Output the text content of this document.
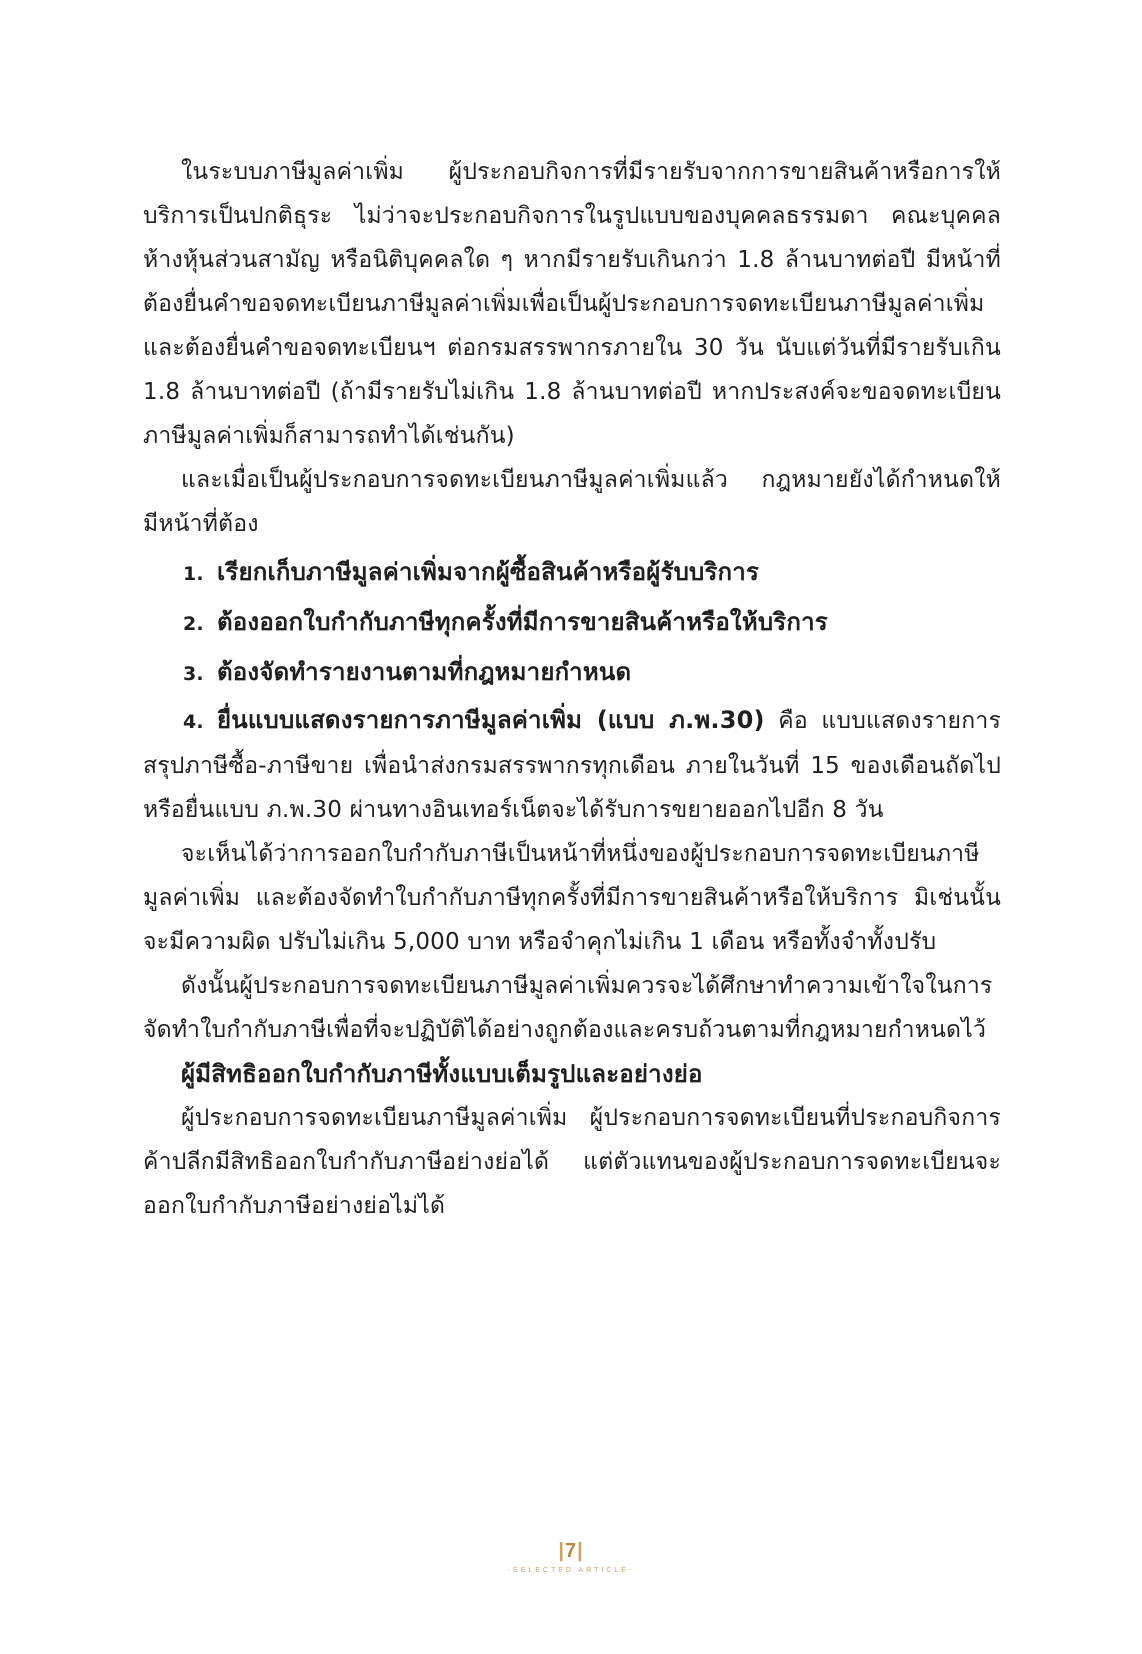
ในระบบภาษีมูลค่าเพิ่ม ผู้ประกอบกิจการที่มีรายรับจากการขายสินค้าหรือการให้บริการเป็นปกติธุระ ไม่ว่าจะประกอบกิจการในรูปแบบของบุคคลธรรมดา คณะบุคคล ห้างหุ้นส่วนสามัญ หรือนิติบุคคลใด ๆ หากมีรายรับเกินกว่า 1.8 ล้านบาทต่อปี มีหน้าที่ต้องยื่นคำขอจดทะเบียนภาษีมูลค่าเพิ่มเพื่อเป็นผู้ประกอบการจดทะเบียนภาษีมูลค่าเพิ่ม และต้องยื่นคำขอจดทะเบียนฯ ต่อกรมสรรพากรภายใน 30 วัน นับแต่วันที่มีรายรับเกิน 1.8 ล้านบาทต่อปี (ถ้ามีรายรับไม่เกิน 1.8 ล้านบาทต่อปี หากประสงค์จะขอจดทะเบียนภาษีมูลค่าเพิ่มก็สามารถทำได้เช่นกัน)

และเมื่อเป็นผู้ประกอบการจดทะเบียนภาษีมูลค่าเพิ่มแล้ว กฎหมายยังได้กำหนดให้มีหน้าที่ต้อง

1. เรียกเก็บภาษีมูลค่าเพิ่มจากผู้ซื้อสินค้าหรือผู้รับบริการ
2. ต้องออกใบกำกับภาษีทุกครั้งที่มีการขายสินค้าหรือให้บริการ
3. ต้องจัดทำรายงานตามที่กฎหมายกำหนด

4. ยื่นแบบแสดงรายการภาษีมูลค่าเพิ่ม (แบบ ภ.พ.30) คือ แบบแสดงรายการสรุปภาษีซื้อ-ภาษีขาย เพื่อนำส่งกรมสรรพากรทุกเดือน ภายในวันที่ 15 ของเดือนถัดไป หรือยื่นแบบ ภ.พ.30 ผ่านทางอินเทอร์เน็ตจะได้รับการขยายออกไปอีก 8 วัน

จะเห็นได้ว่าการออกใบกำกับภาษีเป็นหน้าที่หนึ่งของผู้ประกอบการจดทะเบียนภาษีมูลค่าเพิ่ม และต้องจัดทำใบกำกับภาษีทุกครั้งที่มีการขายสินค้าหรือให้บริการ มิเช่นนั้นจะมีความผิด ปรับไม่เกิน 5,000 บาท หรือจำคุกไม่เกิน 1 เดือน หรือทั้งจำทั้งปรับ

ดังนั้นผู้ประกอบการจดทะเบียนภาษีมูลค่าเพิ่มควรจะได้ศึกษาทำความเข้าใจในการจัดทำใบกำกับภาษีเพื่อที่จะปฏิบัติได้อย่างถูกต้องและครบถ้วนตามที่กฎหมายกำหนดไว้

ผู้มีสิทธิออกใบกำกับภาษีทั้งแบบเต็มรูปและอย่างย่อ

ผู้ประกอบการจดทะเบียนภาษีมูลค่าเพิ่ม ผู้ประกอบการจดทะเบียนที่ประกอบกิจการค้าปลีกมีสิทธิออกใบกำกับภาษีอย่างย่อได้ แต่ตัวแทนของผู้ประกอบการจดทะเบียนจะออกใบกำกับภาษีอย่างย่อไม่ได้

|7|
-SELECTED ARTICLE-
